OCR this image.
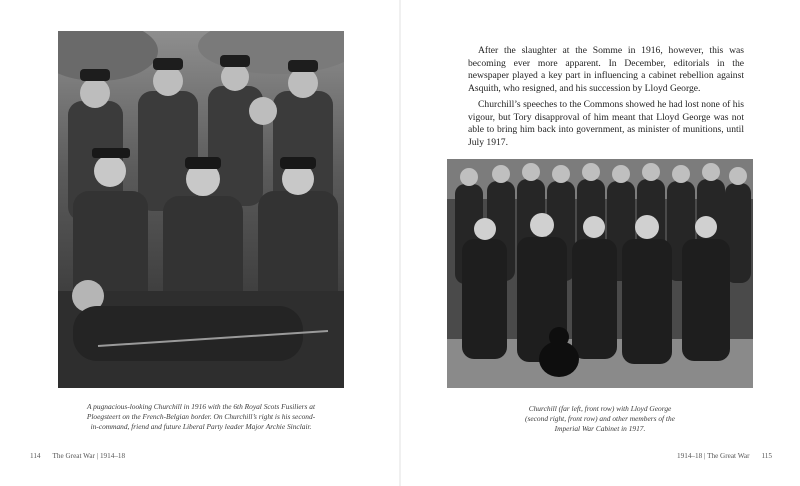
A pugnacious-looking Churchill in 1916 with the 6th Royal Scots Fusiliers at
Ploegsteert on the French-Belgian border. On Churchill’s right is his second-
in-command, friend and future Liberal Party leader Major Archie Sinclair.

114 The Great War | 1914–18

After the slaughter at the Somme in 1916, however, this was becoming ever more apparent. In December, editorials in the newspaper played a key part in influencing a cabinet rebellion against Asquith, who resigned, and his succession by Lloyd George.

Churchill’s speeches to the Commons showed he had lost none of his vigour, but Tory disapproval of him meant that Lloyd George was not able to bring him back into government, as minister of munitions, until July 1917.

Churchill (far left, front row) with Lloyd George
(second right, front row) and other members of the
Imperial War Cabinet in 1917.

1914–18 | The Great War 115
